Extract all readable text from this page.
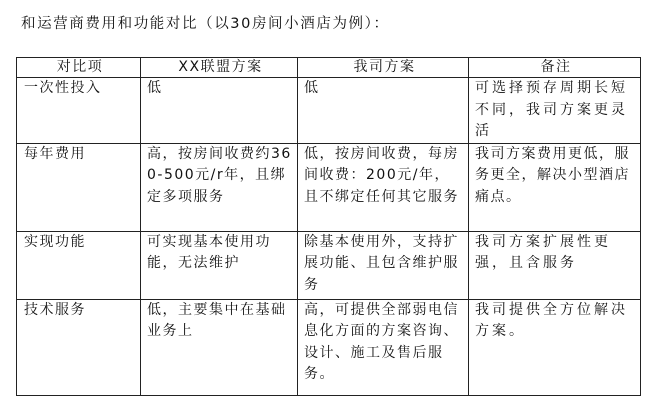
和运营商费用和功能对比（以30房间小酒店为例）：
对比项	XX联盟方案	我司方案	备注
一次性投入	低	低	可选择预存周期长短不同，我司方案更灵活
每年费用	高，按房间收费约360-500元/r年，且绑定多项服务	低，按房间收费，每房间收费：200元/年，且不绑定任何其它服务	我司方案费用更低，服务更全，解决小型酒店痛点。
实现功能	可实现基本使用功能，无法维护	除基本使用外，支持扩展功能、且包含维护服务	我司方案扩展性更强，且含服务
技术服务	低，主要集中在基础业务上	高，可提供全部弱电信息化方面的方案咨询、设计、施工及售后服务。	我司提供全方位解决方案。
